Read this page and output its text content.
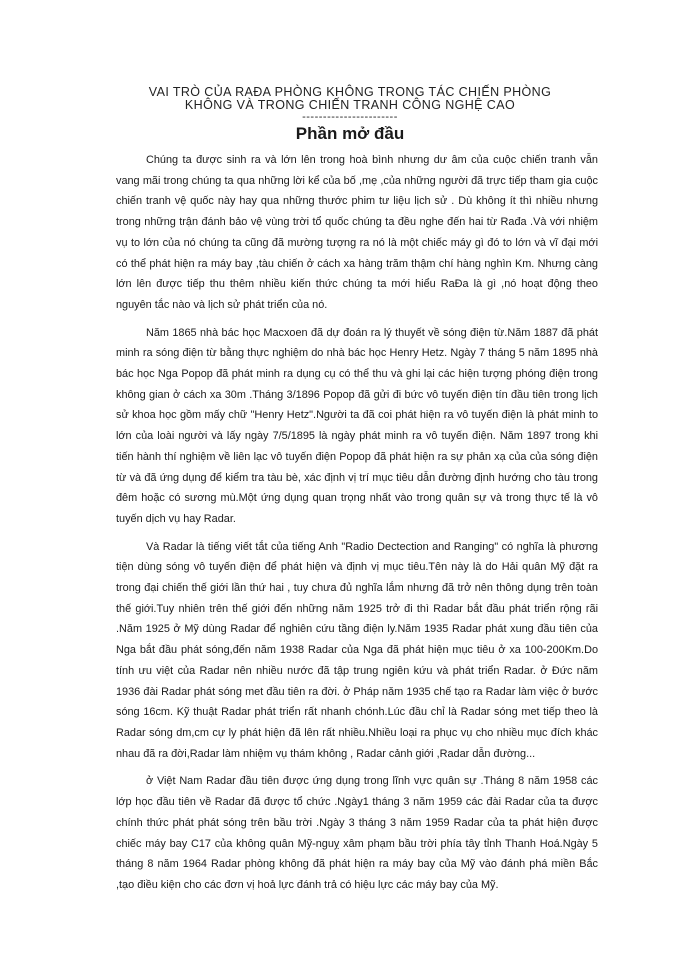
VAI TRÒ CỦA RAĐA PHÒNG KHÔNG TRONG TÁC CHIẾN PHÒNG
KHÔNG VÀ TRONG CHIẾN TRANH CÔNG NGHỆ CAO
-----------------------
Phần mở đầu

Chúng ta được sinh ra và lớn lên trong hoà bình nhưng dư âm của cuộc chiến tranh vẫn vang mãi trong chúng ta qua những lời kể của bố ,mẹ ,của những người đã trực tiếp tham gia cuộc chiến tranh vệ quốc này hay qua những thước phim tư liệu lịch sử . Dù không ít thì nhiều nhưng trong những trận đánh bảo vệ vùng trời tổ quốc chúng ta đều nghe đến hai từ Rađa .Và với nhiệm vụ to lớn của nó chúng ta cũng đã mường tượng ra nó là một chiếc máy gì đó to lớn và vĩ đại mới có thể phát hiện ra máy bay ,tàu chiến ở cách xa hàng trăm thậm chí hàng nghìn Km. Nhưng càng lớn lên được tiếp thu thêm nhiều kiến thức chúng ta mới hiểu RaĐa là gì ,nó hoạt động theo nguyên tắc nào và lịch sử phát triển của nó.

Năm 1865 nhà bác học Macxoen đã dự đoán ra lý thuyết về sóng điện từ.Năm 1887 đã phát minh ra sóng điện từ bằng thực nghiệm do nhà bác học Henry Hetz. Ngày 7 tháng 5 năm 1895 nhà bác học Nga Popop đã phát minh ra dụng cụ có thể thu và ghi lại các hiện tượng phóng điện trong không gian ở cách xa 30m .Tháng 3/1896 Popop đã gửi đi bức vô tuyến điện tín đầu tiên trong lịch sử khoa học gồm mấy chữ "Henry Hetz".Người ta đã coi phát hiện ra vô tuyến điện là phát minh to lớn của loài người và lấy ngày 7/5/1895 là ngày phát minh ra vô tuyến điện. Năm 1897 trong khi tiến hành thí nghiệm về liên lạc vô tuyến điện Popop đã phát hiện ra sự phản xạ của của sóng điện từ và đã ứng dụng để kiểm tra tàu bè, xác định vị trí mục tiêu dẫn đường định hướng cho tàu trong đêm hoặc có sương mù.Một ứng dụng quan trọng nhất vào trong quân sự và trong thực tế là vô tuyến dịch vụ hay Radar.

Và Radar là tiếng viết tắt của tiếng Anh "Radio Dectection and Ranging" có nghĩa là phương tiện dùng sóng vô tuyến điện để phát hiện và định vị mục tiêu.Tên này là do Hải quân Mỹ đặt ra trong đại chiến thế giới lần thứ hai , tuy chưa đủ nghĩa lắm nhưng đã trở nên thông dụng trên toàn thế giới.Tuy nhiên trên thế giới đến những năm 1925 trở đi thì Radar bắt đầu phát triển rộng rãi .Năm 1925 ở Mỹ dùng Radar để nghiên cứu tầng điện ly.Năm 1935 Radar phát xung đầu tiên của Nga bắt đầu phát sóng,đến năm 1938 Radar của Nga đã phát hiện mục tiêu ở xa 100-200Km.Do tính ưu việt của Radar nên nhiều nước đã tập trung ngiên kứu và phát triển Radar. ở Đức năm 1936 đài Radar phát sóng met đầu tiên ra đời. ở Pháp năm 1935 chế tạo ra Radar làm việc ở bước sóng 16cm. Kỹ thuật Radar phát triển rất nhanh chónh.Lúc đầu chỉ là Radar sóng met tiếp theo là Radar sóng dm,cm cự ly phát hiện đã lên rất nhiều.Nhiều loại ra phục vụ cho nhiều mục đích khác nhau đã ra đời,Radar làm nhiệm vụ thám không , Radar cảnh giới ,Radar dẫn đường...

ở Việt Nam Radar đầu tiên được ứng dụng trong lĩnh vực quân sự .Tháng 8 năm 1958 các lớp học đầu tiên về Radar đã được tổ chức .Ngày1 tháng 3 năm 1959 các đài Radar của ta được chính thức phát phát sóng trên bầu trời .Ngày 3 tháng 3 năm 1959 Radar của ta phát hiện được chiếc máy bay C17 của không quân Mỹ-nguỵ xâm phạm bầu trời phía tây tỉnh Thanh Hoá.Ngày 5 tháng 8 năm 1964 Radar phòng không đã phát hiện ra máy bay của Mỹ vào đánh phá miền Bắc ,tạo điều kiện cho các đơn vị hoả lực đánh trả có hiệu lực các máy bay của Mỹ.
